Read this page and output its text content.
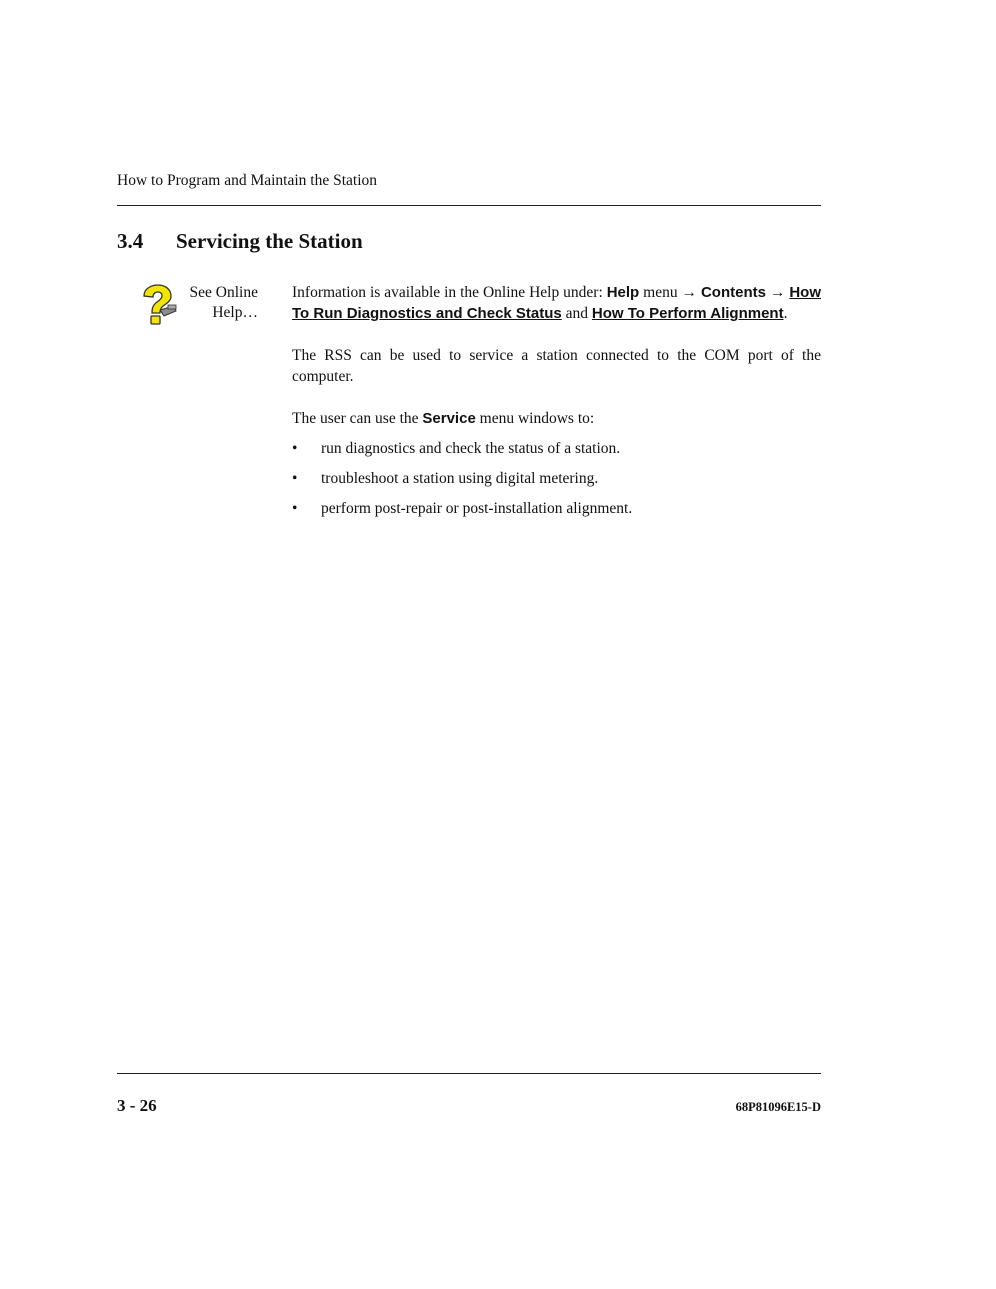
How to Program and Maintain the Station
3.4 Servicing the Station
See Online
Help…

Information is available in the Online Help under: Help menu → Contents → How To Run Diagnostics and Check Status and How To Perform Alignment.

The RSS can be used to service a station connected to the COM port of the computer.

The user can use the Service menu windows to:

• run diagnostics and check the status of a station.
• troubleshoot a station using digital metering.
• perform post-repair or post-installation alignment.
3 - 26	68P81096E15-D
